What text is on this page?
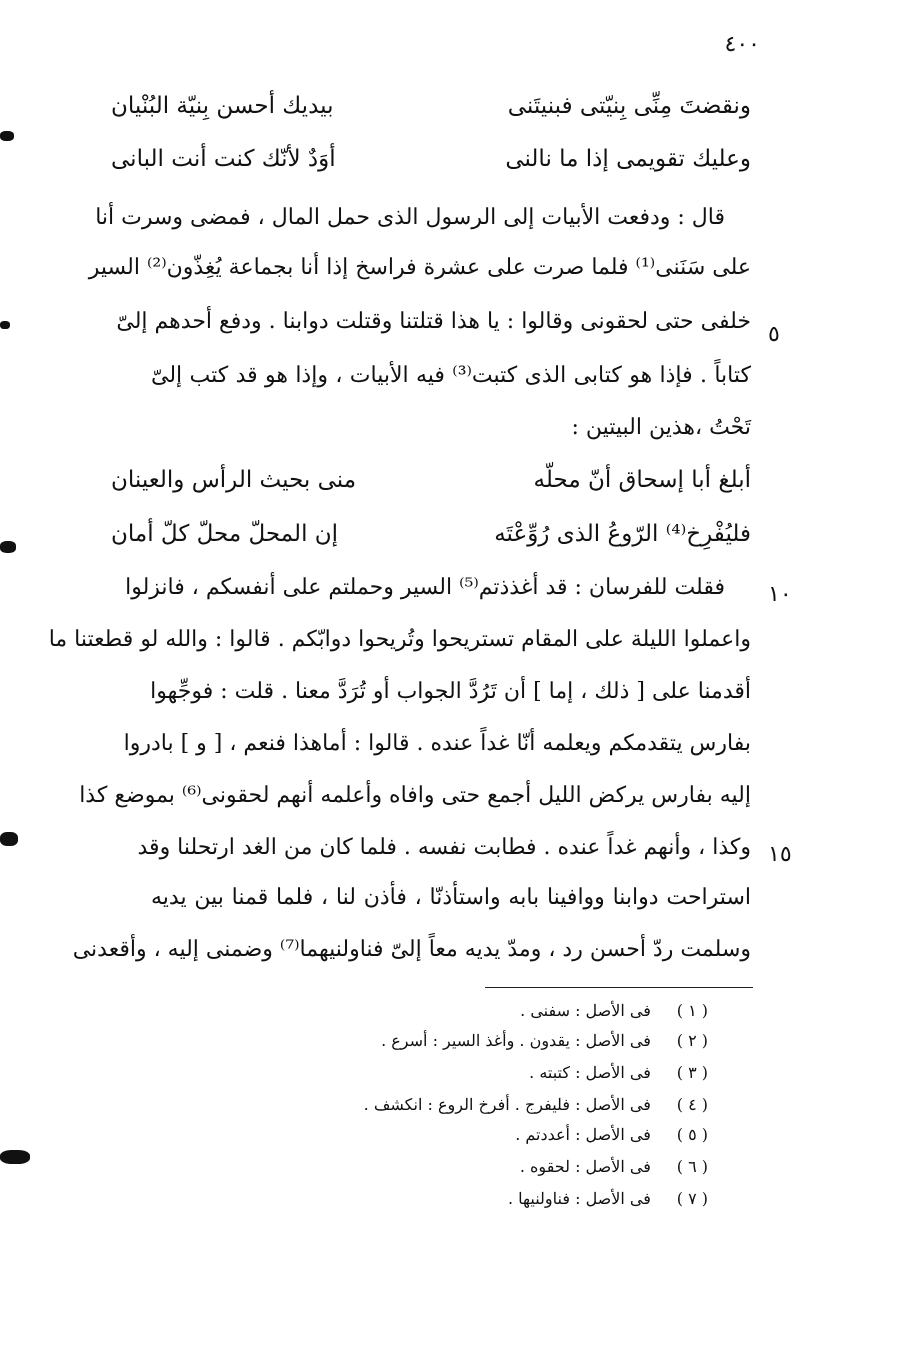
٤٠٠
ونقضتَ مِنِّى بِنيّتى فبنيتَنى
بيديك أحسن بِنيّة البُنْيان
وعليك تقويمى إذا ما نالنى
أوَدٌ لأنّك كنت أنت البانى
قال : ودفعت الأبيات إلى الرسول الذى حمل المال ، فمضى وسرت أنا
على سَنَنى⁽¹⁾ فلما صرت على عشرة فراسخ إذا أنا بجماعة يُغِذّون⁽²⁾ السير
خلفى حتى لحقونى وقالوا : يا هذا قتلتنا وقتلت دوابنا . ودفع أحدهم إلىّ
كتاباً . فإذا هو كتابى الذى كتبت⁽³⁾ فيه الأبيات ، وإذا هو قد كتب إلىّ
تَحْتُ ،هذين البيتين :
أبلغ أبا إسحاق أنّ محلّه
منى بحيث الرأس والعينان
فليُفْرِخ⁽⁴⁾ الرّوعُ الذى رُوِّعْتَه
إن المحلّ محلّ كلّ أمان
فقلت للفرسان : قد أغذذتم⁽⁵⁾ السير وحملتم على أنفسكم ، فانزلوا
واعملوا الليلة على المقام تستريحوا وتُريحوا دوابّكم . قالوا : والله لو قطعتنا ما
أقدمنا على [ ذلك ، إما ] أن تَرُدَّ الجواب أو تُرَدَّ معنا . قلت : فوجِّهوا
بفارس يتقدمكم ويعلمه أنّا غداً عنده . قالوا : أماهذا فنعم ، [ و ] بادروا
إليه بفارس يركض الليل أجمع حتى وافاه وأعلمه أنهم لحقونى⁽⁶⁾ بموضع كذا
وكذا ، وأنهم غداً عنده . فطابت نفسه . فلما كان من الغد ارتحلنا وقد
استراحت دوابنا ووافينا بابه واستأذنّا ، فأذن لنا ، فلما قمنا بين يديه
وسلمت ردّ أحسن رد ، ومدّ يديه معاً إلىّ فناولنيهما⁽⁷⁾ وضمنى إليه ، وأقعدنى
٥
١٠
١٥
( ١ ) فى الأصل : سفنى .
( ٢ ) فى الأصل : يقدون . وأغذ السير : أسرع .
( ٣ ) فى الأصل : كتبته .
( ٤ ) فى الأصل : فليفرج . أفرخ الروع : انكشف .
( ٥ ) فى الأصل : أعددتم .
( ٦ ) فى الأصل : لحقوه .
( ٧ ) فى الأصل : فناولنيها .
